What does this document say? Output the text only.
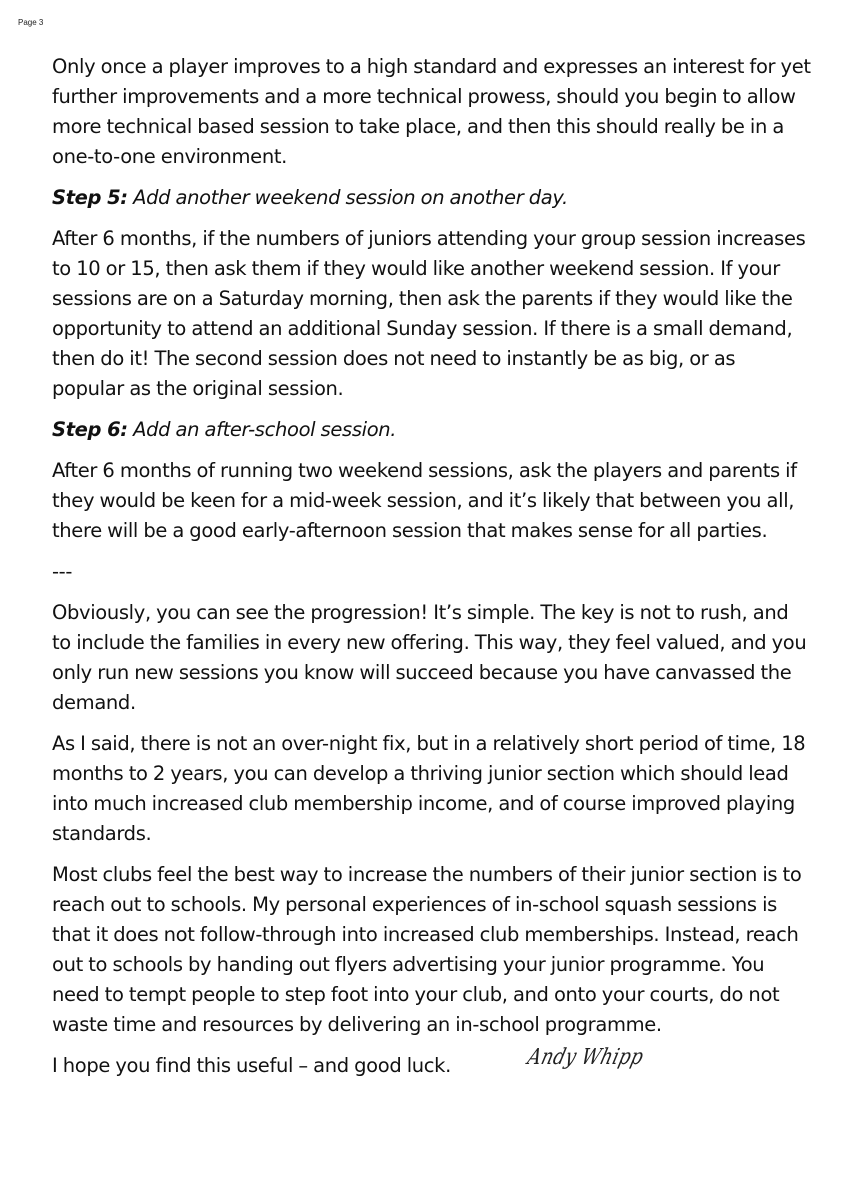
Page 3

Only once a player improves to a high standard and expresses an interest for yet further improvements and a more technical prowess, should you begin to allow more technical based session to take place, and then this should really be in a one-to-one environment.

Step 5: Add another weekend session on another day.

After 6 months, if the numbers of juniors attending your group session increases to 10 or 15, then ask them if they would like another weekend session. If your sessions are on a Saturday morning, then ask the parents if they would like the opportunity to attend an additional Sunday session. If there is a small demand, then do it! The second session does not need to instantly be as big, or as popular as the original session.

Step 6: Add an after-school session.

After 6 months of running two weekend sessions, ask the players and parents if they would be keen for a mid-week session, and it’s likely that between you all, there will be a good early-afternoon session that makes sense for all parties.

---

Obviously, you can see the progression! It’s simple. The key is not to rush, and to include the families in every new offering. This way, they feel valued, and you only run new sessions you know will succeed because you have canvassed the demand.

As I said, there is not an over-night fix, but in a relatively short period of time, 18 months to 2 years, you can develop a thriving junior section which should lead into much increased club membership income, and of course improved playing standards.

Most clubs feel the best way to increase the numbers of their junior section is to reach out to schools. My personal experiences of in-school squash sessions is that it does not follow-through into increased club memberships. Instead, reach out to schools by handing out flyers advertising your junior programme. You need to tempt people to step foot into your club, and onto your courts, do not waste time and resources by delivering an in-school programme.

I hope you find this useful – and good luck.	Andy Whipp
